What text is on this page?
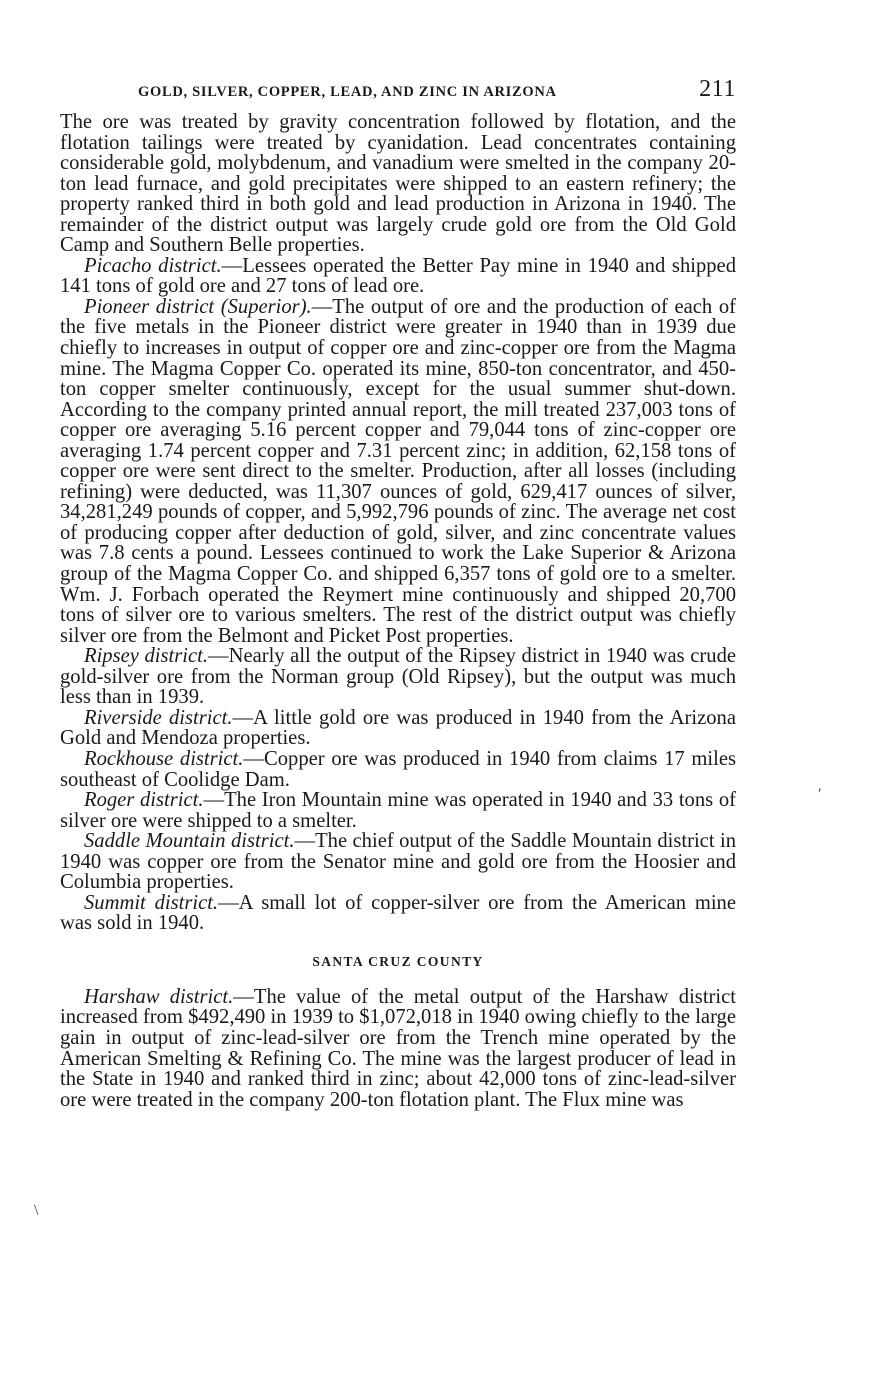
GOLD, SILVER, COPPER, LEAD, AND ZINC IN ARIZONA	211

The ore was treated by gravity concentration followed by flotation, and the flotation tailings were treated by cyanidation. Lead concentrates containing considerable gold, molybdenum, and vanadium were smelted in the company 20-ton lead furnace, and gold precipitates were shipped to an eastern refinery; the property ranked third in both gold and lead production in Arizona in 1940. The remainder of the district output was largely crude gold ore from the Old Gold Camp and Southern Belle properties.

Picacho district.—Lessees operated the Better Pay mine in 1940 and shipped 141 tons of gold ore and 27 tons of lead ore.

Pioneer district (Superior).—The output of ore and the production of each of the five metals in the Pioneer district were greater in 1940 than in 1939 due chiefly to increases in output of copper ore and zinc-copper ore from the Magma mine. The Magma Copper Co. operated its mine, 850-ton concentrator, and 450-ton copper smelter continuously, except for the usual summer shut-down. According to the company printed annual report, the mill treated 237,003 tons of copper ore averaging 5.16 percent copper and 79,044 tons of zinc-copper ore averaging 1.74 percent copper and 7.31 percent zinc; in addition, 62,158 tons of copper ore were sent direct to the smelter. Production, after all losses (including refining) were deducted, was 11,307 ounces of gold, 629,417 ounces of silver, 34,281,249 pounds of copper, and 5,992,796 pounds of zinc. The average net cost of producing copper after deduction of gold, silver, and zinc concentrate values was 7.8 cents a pound. Lessees continued to work the Lake Superior & Arizona group of the Magma Copper Co. and shipped 6,357 tons of gold ore to a smelter. Wm. J. Forbach operated the Reymert mine continuously and shipped 20,700 tons of silver ore to various smelters. The rest of the district output was chiefly silver ore from the Belmont and Picket Post properties.

Ripsey district.—Nearly all the output of the Ripsey district in 1940 was crude gold-silver ore from the Norman group (Old Ripsey), but the output was much less than in 1939.

Riverside district.—A little gold ore was produced in 1940 from the Arizona Gold and Mendoza properties.

Rockhouse district.—Copper ore was produced in 1940 from claims 17 miles southeast of Coolidge Dam.

Roger district.—The Iron Mountain mine was operated in 1940 and 33 tons of silver ore were shipped to a smelter.

Saddle Mountain district.—The chief output of the Saddle Mountain district in 1940 was copper ore from the Senator mine and gold ore from the Hoosier and Columbia properties.

Summit district.—A small lot of copper-silver ore from the American mine was sold in 1940.

SANTA CRUZ COUNTY

Harshaw district.—The value of the metal output of the Harshaw district increased from $492,490 in 1939 to $1,072,018 in 1940 owing chiefly to the large gain in output of zinc-lead-silver ore from the Trench mine operated by the American Smelting & Refining Co. The mine was the largest producer of lead in the State in 1940 and ranked third in zinc; about 42,000 tons of zinc-lead-silver ore were treated in the company 200-ton flotation plant. The Flux mine was

′
\
